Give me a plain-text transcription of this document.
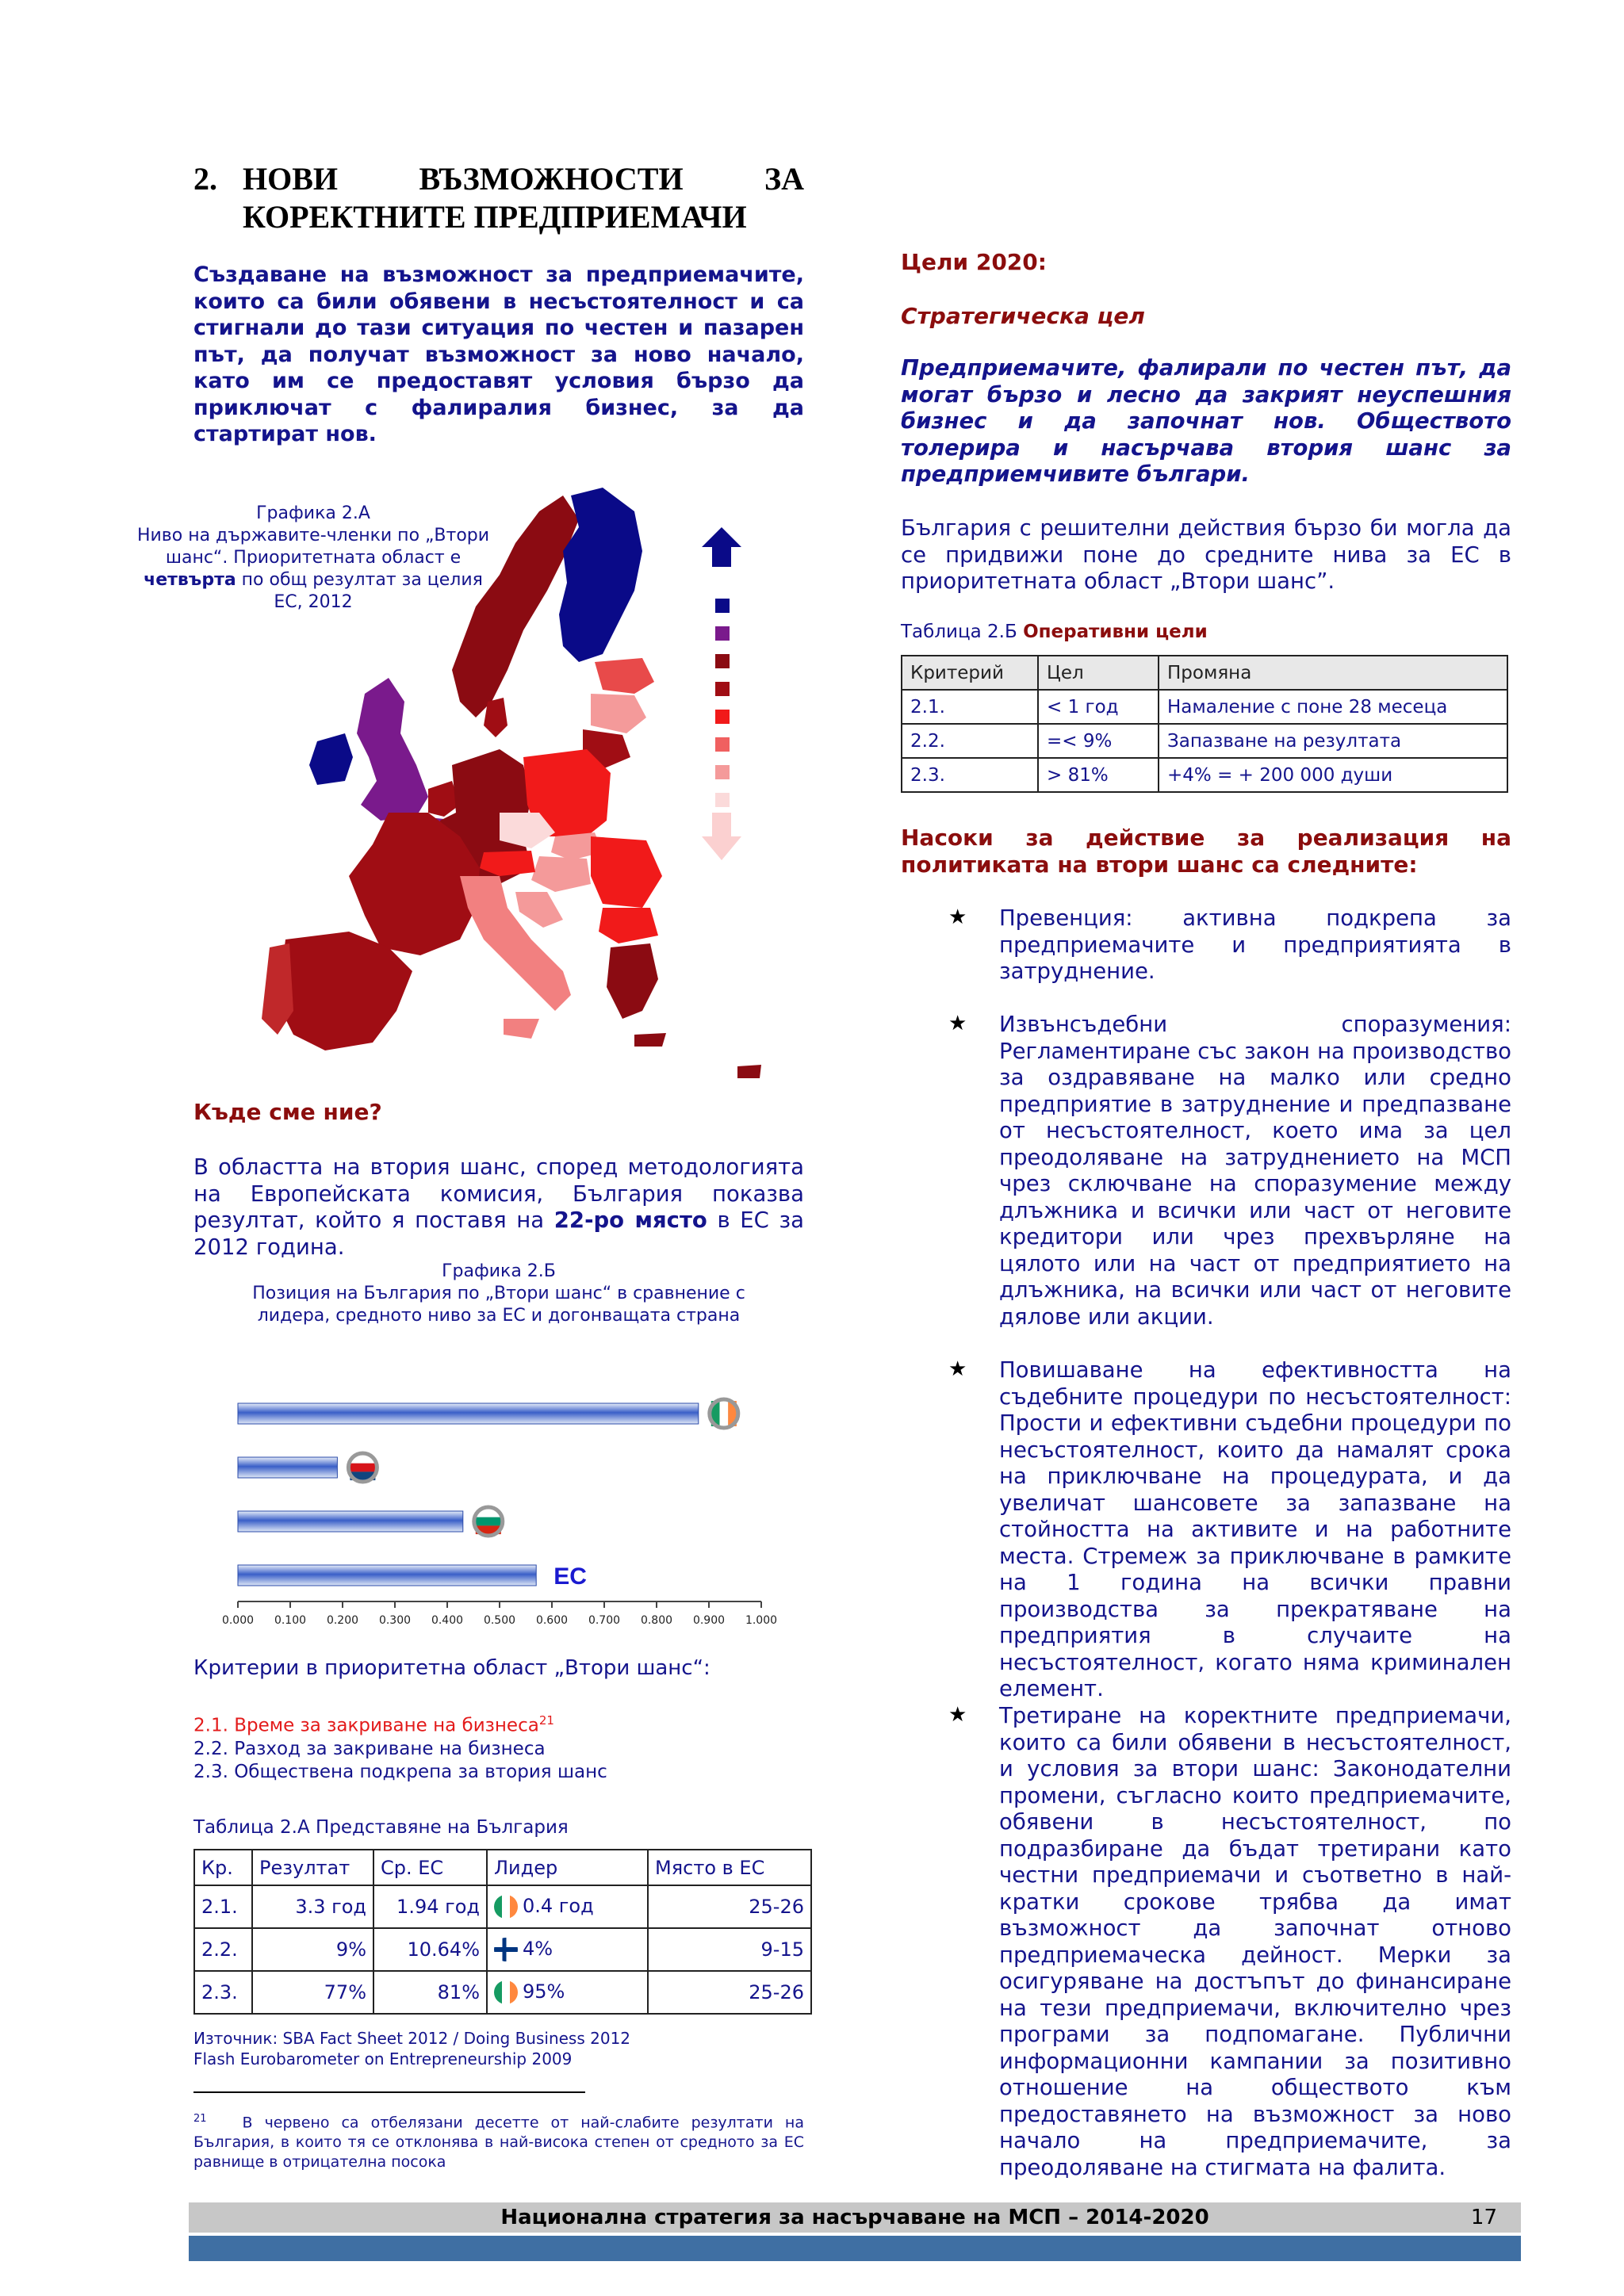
2. НОВИ	ВЪЗМОЖНОСТИ	ЗА
КОРЕКТНИТЕ ПРЕДПРИЕМАЧИ
Създаване на възможност за предприемачите, които са били обявени в несъстоятелност и са стигнали до тази ситуация по честен и пазарен път, да получат възможност за ново начало, като им се предоставят условия бързо да приключат с фалиралия бизнес, за да стартират нов.
Графика 2.А
Ниво на държавите-членки по „Втори шанс“. Приоритетната област е четвърта по общ резултат за целия ЕС, 2012
Къде сме ние?
В областта на втория шанс, според методологията на Европейската комисия, България показва резултат, който я поставя на 22-ро място в ЕС за 2012 година.
Графика 2.Б
Позиция на България по „Втори шанс“ в сравнение с лидера, средното ниво за ЕС и догонващата страна
ЕС
0.000 0.100 0.200 0.300 0.400 0.500 0.600 0.700 0.800 0.900 1.000
Критерии в приоритетна област „Втори шанс“:
2.1. Време за закриване на бизнеса$^{21}$
2.2. Разход за закриване на бизнеса
2.3. Обществена подкрепа за втория шанс
Таблица 2.А Представяне на България
Кр.	Резултат	Ср. ЕС	Лидер	Място в ЕС
2.1.	3.3 год	1.94 год	0.4 год	25-26
2.2.	9%	10.64%	4%	9-15
2.3.	77%	81%	95%	25-26
Източник: SBA Fact Sheet 2012 / Doing Business 2012
Flash Eurobarometer on Entrepreneurship 2009
$^{21}$ В червено са отбелязани десетте от най-слабите резултати на България, в които тя се отклонява в най-висока степен от средното за ЕС равнище в отрицателна посока
Цели 2020:
Стратегическа цел
Предприемачите, фалирали по честен път, да могат бързо и лесно да закрият неуспешния бизнес и да започнат нов. Обществото толерира и насърчава втория шанс за предприемчивите българи.
България с решителни действия бързо би могла да се придвижи поне до средните нива за ЕС в приоритетната област „Втори шанс”.
Таблица 2.Б Оперативни цели
Критерий	Цел	Промяна
2.1.	< 1 год	Намаление с поне 28 месеца
2.2.	=< 9%	Запазване на резултата
2.3.	> 81%	+4% = + 200 000 души
Насоки за действие за реализация на политиката на втори шанс са следните:
★ Превенция: активна подкрепа за предприемачите и предприятията в затруднение.
★ Извънсъдебни споразумения: Регламентиране със закон на производство за оздравяване на малко или средно предприятие в затруднение и предпазване от несъстоятелност, което има за цел преодоляване на затруднението на МСП чрез сключване на споразумение между длъжника и всички или част от неговите кредитори или чрез прехвърляне на цялото или на част от предприятието на длъжника, на всички или част от неговите дялове или акции.
★ Повишаване на ефективността на съдебните процедури по несъстоятелност: Прости и ефективни съдебни процедури по несъстоятелност, които да намалят срока на приключване на процедурата, и да увеличат шансовете за запазване на стойността на активите и на работните места. Стремеж за приключване в рамките на 1 година на всички правни производства за прекратяване на предприятия в случаите на несъстоятелност, когато няма криминален елемент.
★ Третиране на коректните предприемачи, които са били обявени в несъстоятелност, и условия за втори шанс: Законодателни промени, съгласно които предприемачите, обявени в несъстоятелност, по подразбиране да бъдат третирани като честни предприемачи и съответно в най-кратки срокове трябва да имат възможност да започнат отново предприемаческа дейност. Мерки за осигуряване на достъпът до финансиране на тези предприемачи, включително чрез програми за подпомагане. Публични информационни кампании за позитивно отношение на обществото към предоставянето на възможност за ново начало на предприемачите, за преодоляване на стигмата на фалита.
Национална стратегия за насърчаване на МСП – 2014-2020	17
